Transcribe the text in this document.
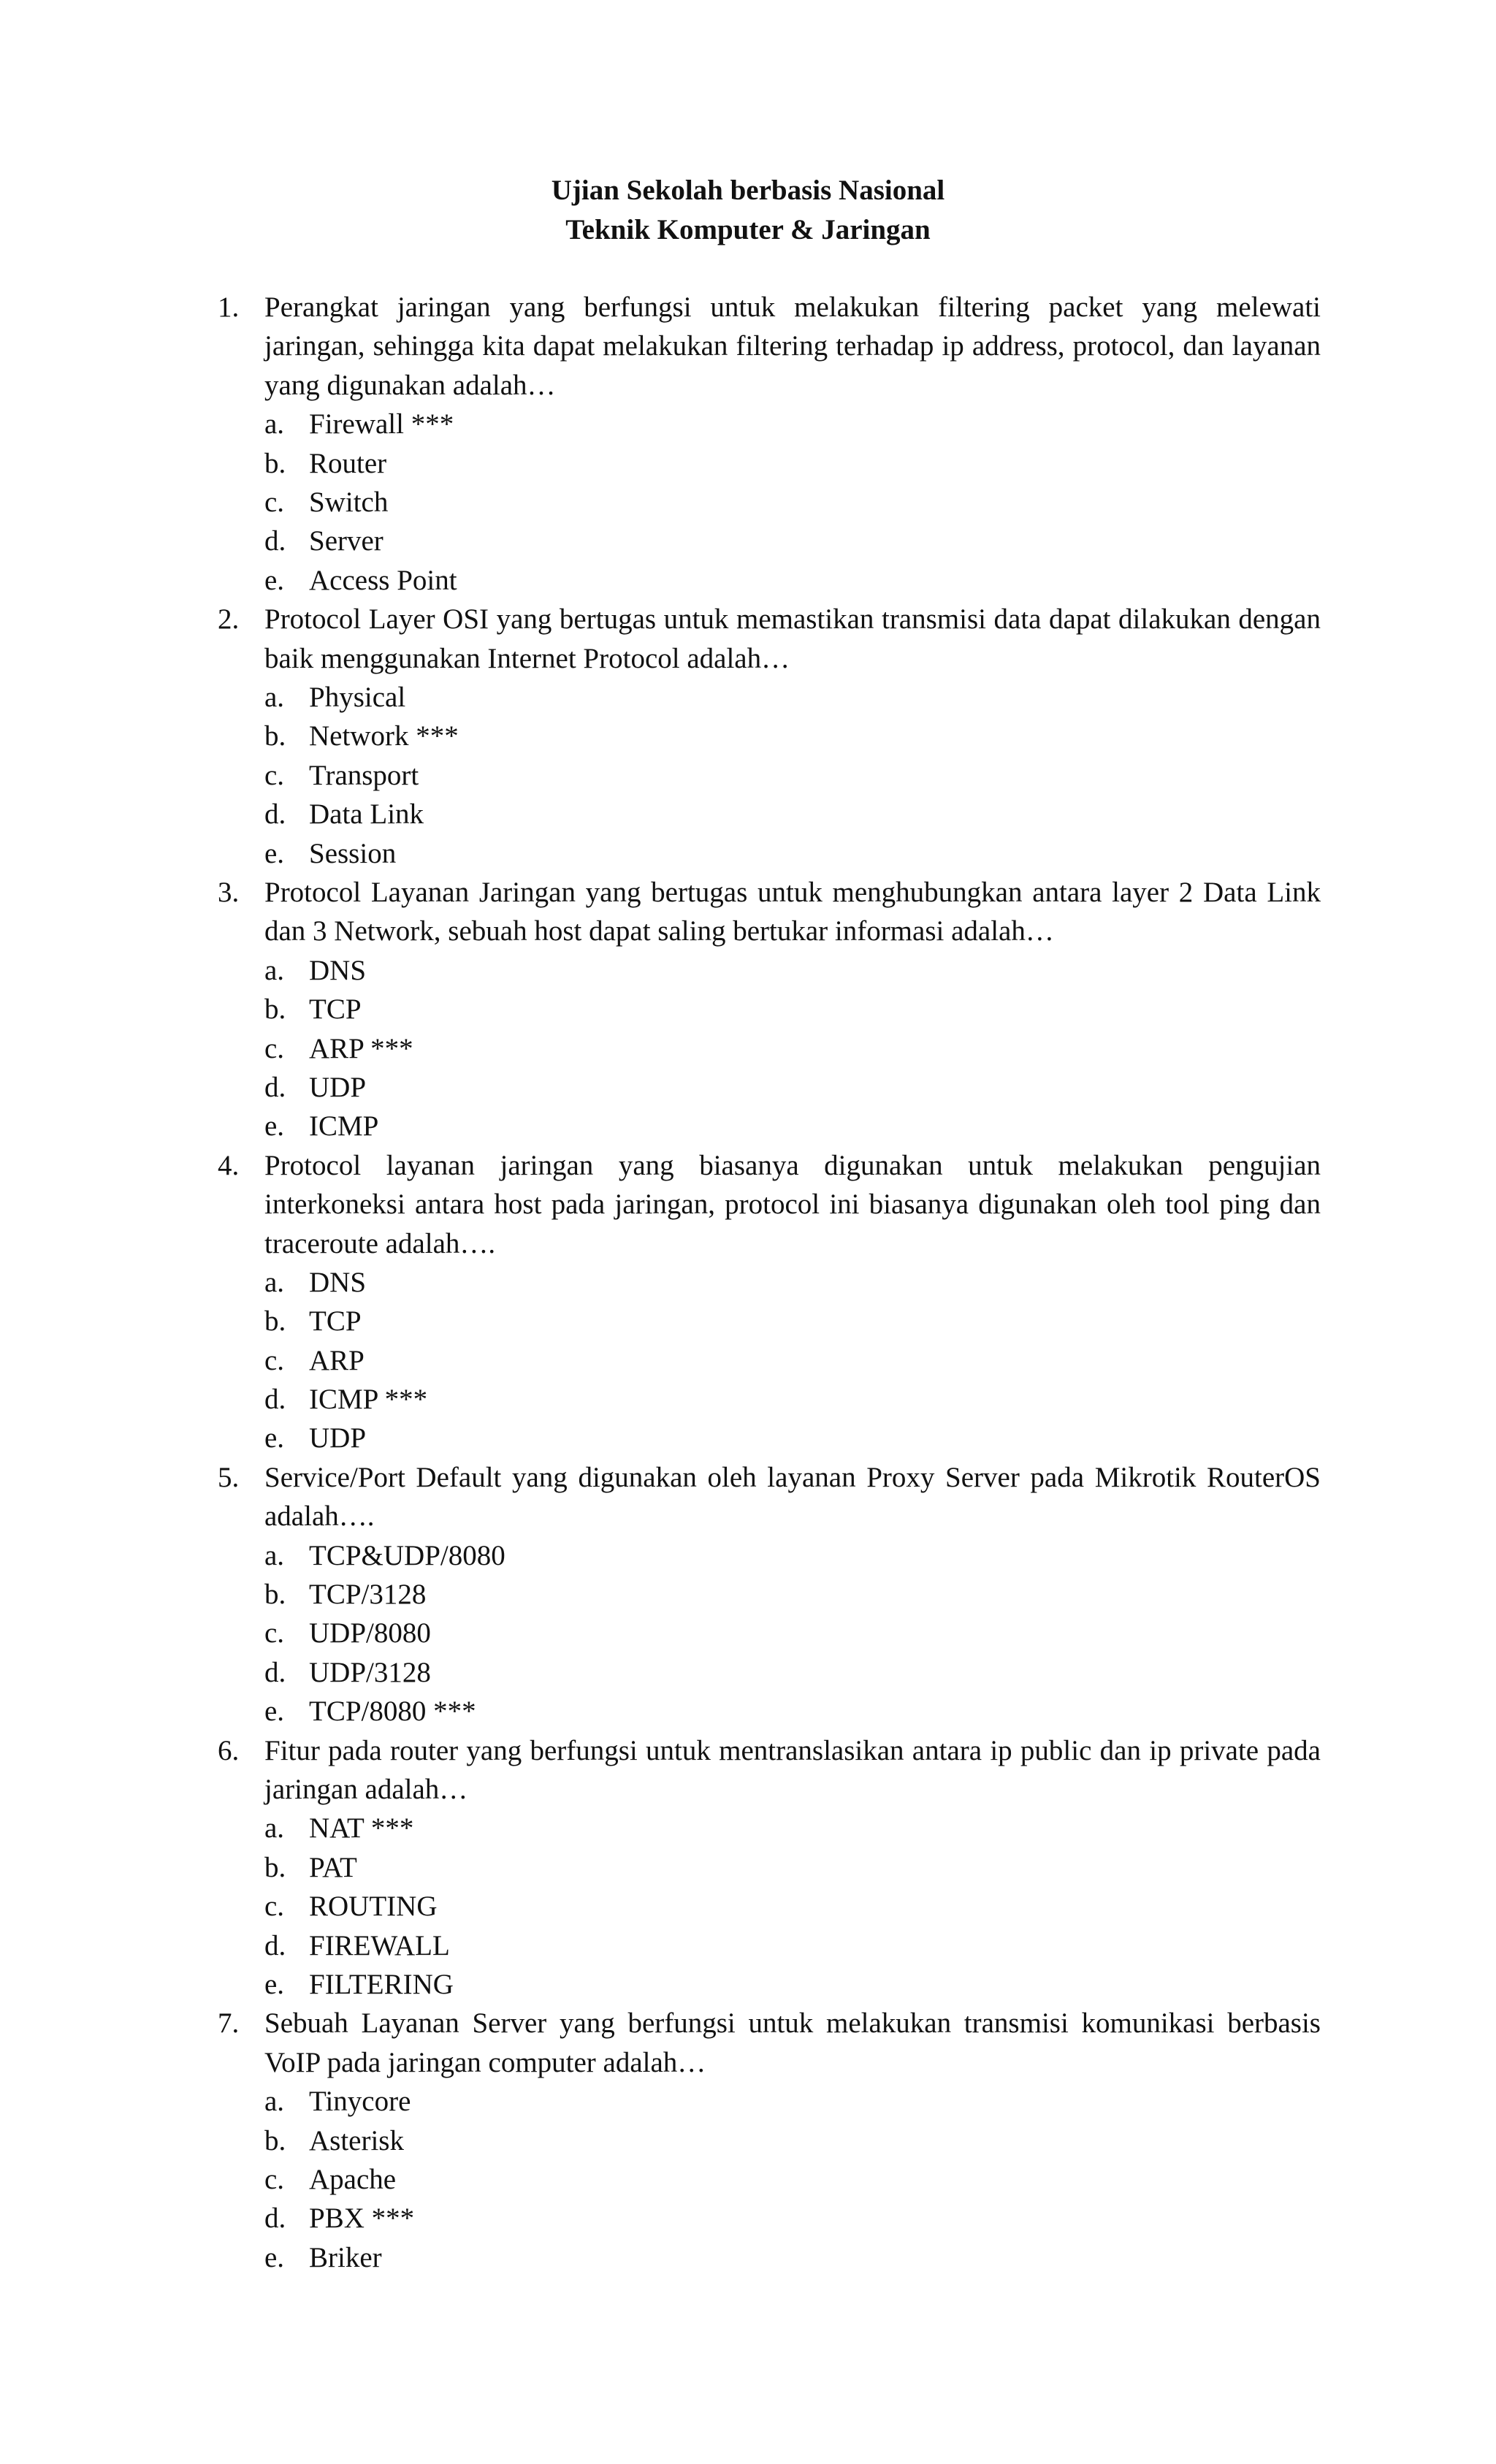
Ujian Sekolah berbasis Nasional
Teknik Komputer & Jaringan
1. Perangkat jaringan yang berfungsi untuk melakukan filtering packet yang melewati jaringan, sehingga kita dapat melakukan filtering terhadap ip address, protocol, dan layanan yang digunakan adalah…
a. Firewall ***
b. Router
c. Switch
d. Server
e. Access Point
2. Protocol Layer OSI yang bertugas untuk memastikan transmisi data dapat dilakukan dengan baik menggunakan Internet Protocol adalah…
a. Physical
b. Network ***
c. Transport
d. Data Link
e. Session
3. Protocol Layanan Jaringan yang bertugas untuk menghubungkan antara layer 2 Data Link dan 3 Network, sebuah host dapat saling bertukar informasi adalah…
a. DNS
b. TCP
c. ARP ***
d. UDP
e. ICMP
4. Protocol layanan jaringan yang biasanya digunakan untuk melakukan pengujian interkoneksi antara host pada jaringan, protocol ini biasanya digunakan oleh tool ping dan traceroute adalah….
a. DNS
b. TCP
c. ARP
d. ICMP ***
e. UDP
5. Service/Port Default yang digunakan oleh layanan Proxy Server pada Mikrotik RouterOS adalah….
a. TCP&UDP/8080
b. TCP/3128
c. UDP/8080
d. UDP/3128
e. TCP/8080 ***
6. Fitur pada router yang berfungsi untuk mentranslasikan antara ip public dan ip private pada jaringan adalah…
a. NAT ***
b. PAT
c. ROUTING
d. FIREWALL
e. FILTERING
7. Sebuah Layanan Server yang berfungsi untuk melakukan transmisi komunikasi berbasis VoIP pada jaringan computer adalah…
a. Tinycore
b. Asterisk
c. Apache
d. PBX ***
e. Briker
